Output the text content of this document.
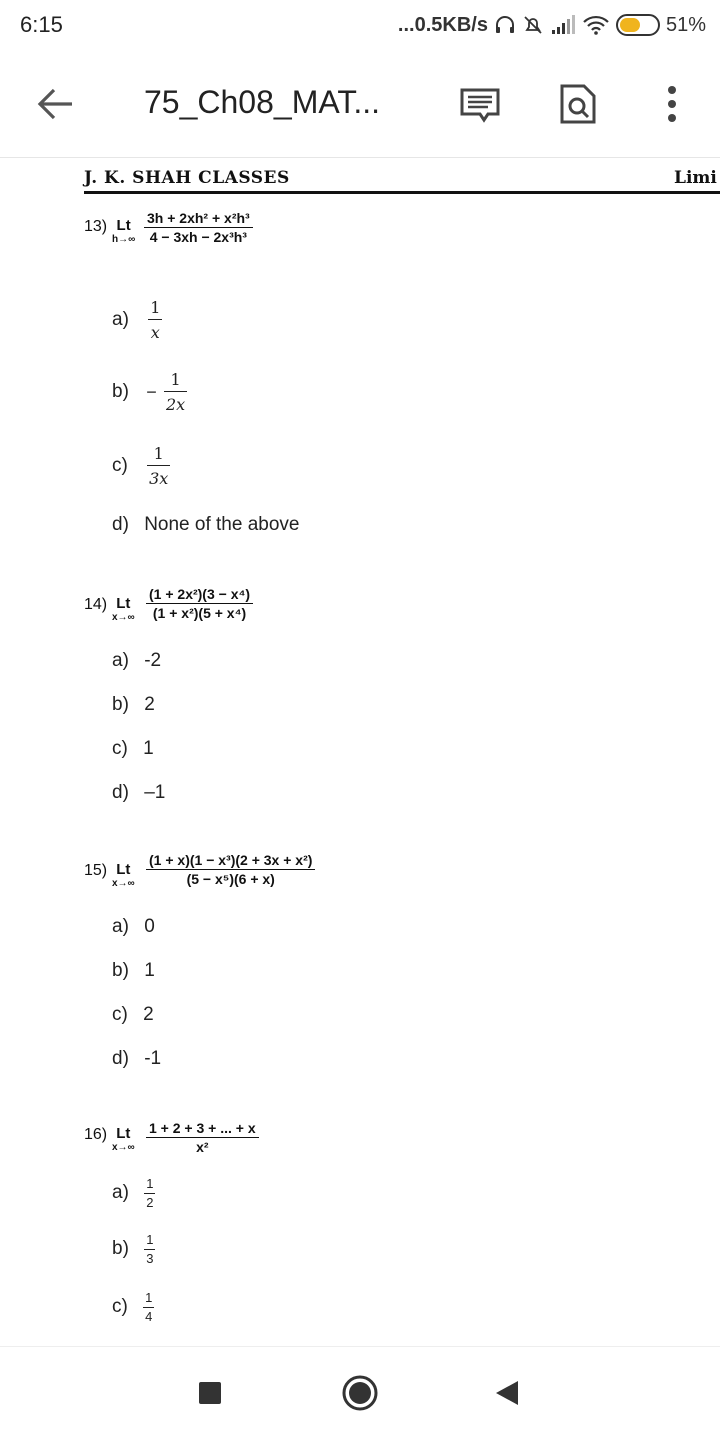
6:15	...0.5KB/s	51%
75_Ch08_MAT...
J. K. SHAH CLASSES	Limi
13) Lt
$h\to\infty \frac{\text{3h + 2xh² + x²h³}}{\text{4 − 3xh − 2x³h³}}$
$a) \frac{1}{x}$
$b) - \frac{1}{2x}$
$c) \frac{1}{3x}$
d) None of the above
14) Lt
$x\to\infty \frac{\text{(1 + 2x²)(3 − x⁴)}}{\text{(1 + x²)(5 + x⁴)}}$
a) -2
b) 2
c) 1
d) –1
15) Lt
$x\to\infty \frac{\text{(1 + x)(1 − x³)(2 + 3x + x²)}}{\text{(5 − x⁵)(6 + x)}}$
a) 0
b) 1
c) 2
d) -1
16) Lt
$x\to\infty \frac{1 + 2 + 3 + ... + x}{\text{x²}}$
$a) \frac{1}{2}$
$b) \frac{1}{3}$
$c) \frac{1}{4}$
